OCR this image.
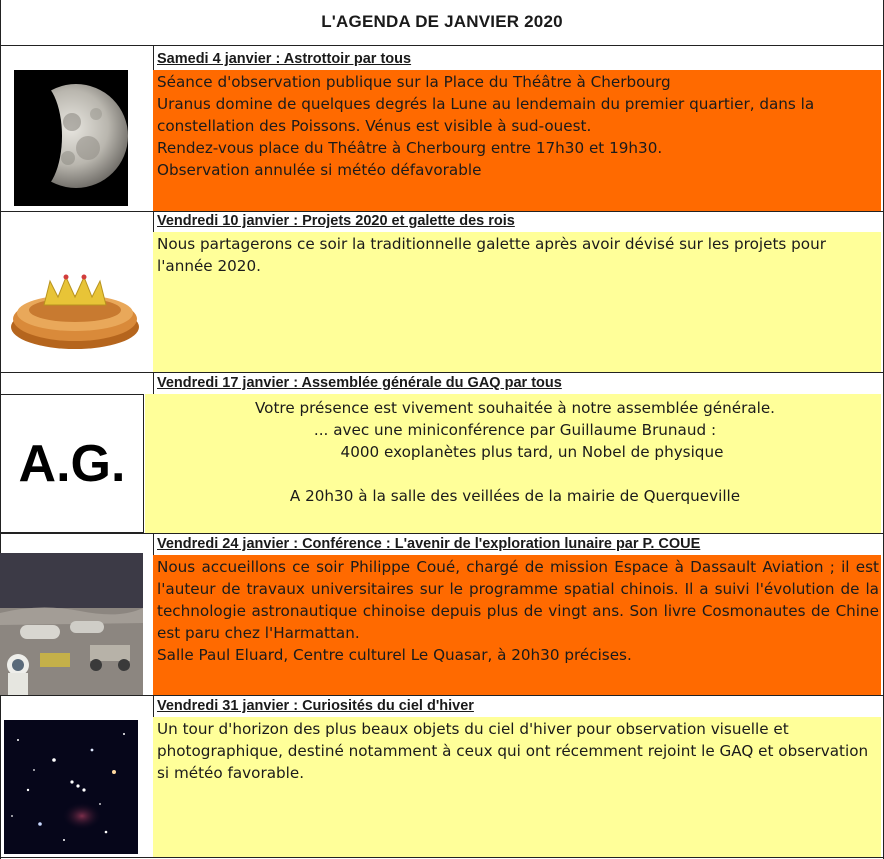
L'AGENDA DE JANVIER 2020
Samedi 4 janvier : Astrottoir par tous
Séance d'observation publique sur la Place du Théâtre à Cherbourg
Uranus domine de quelques degrés la Lune au lendemain du premier quartier, dans la constellation des Poissons. Vénus est visible à sud-ouest.
Rendez-vous place du Théâtre à Cherbourg entre 17h30 et 19h30.
Observation annulée si météo défavorable
Vendredi 10 janvier : Projets 2020 et galette des rois
Nous partagerons ce soir la traditionnelle galette après avoir dévisé sur les projets pour l'année 2020.
A.G.
Vendredi 17 janvier : Assemblée générale du GAQ par tous
Votre présence est vivement souhaitée à notre assemblée générale.
... avec une miniconférence par Guillaume Brunaud :
4000 exoplanètes plus tard, un Nobel de physique
A 20h30 à la salle des veillées de la mairie de Querqueville
Vendredi 24 janvier : Conférence : L'avenir de l'exploration lunaire par P. COUE
Nous accueillons ce soir Philippe Coué, chargé de mission Espace à Dassault Aviation ; il est l'auteur de travaux universitaires sur le programme spatial chinois. Il a suivi l'évolution de la technologie astronautique chinoise depuis plus de vingt ans. Son livre Cosmonautes de Chine est paru chez l'Harmattan.
Salle Paul Eluard, Centre culturel Le Quasar, à 20h30 précises.
Vendredi 31 janvier : Curiosités du ciel d'hiver
Un tour d'horizon des plus beaux objets du ciel d'hiver pour observation visuelle et photographique, destiné notamment à ceux qui ont récemment rejoint le GAQ et observation si météo favorable.
